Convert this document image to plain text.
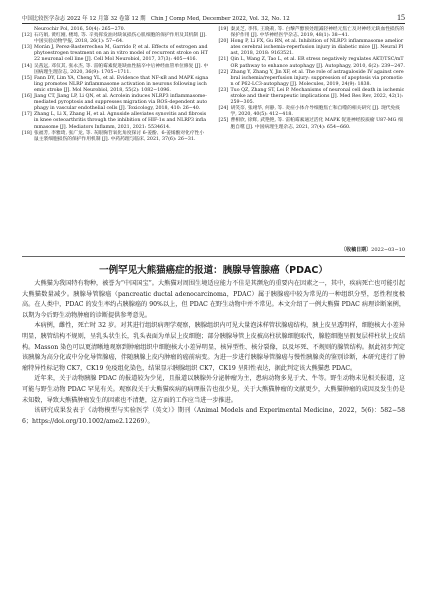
中国比较医学杂志 2022 年 12 月第 32 卷第 12 期　Chin J Comp Med, December 2022, Vol. 32, No. 12	15

Neurochir Pol, 2016, 50(4): 265−270.

[12] 石巧娟, 黄红刚, 楼琦, 等. 辛夷挥发油对缺氧损伤心肌细胞的保护作用及其机制 [J]. 中国实验动物学报, 2018, 26(1): 57−64.

[13] Morán J, Perez-Basterrechea M, Garrido P, et al. Effects of estrogen and phytoestrogen treatment on an in vitro model of recurrent stroke on HT22 neuronal cell line [J]. Cell Mol Neurobiol, 2017, 37(3): 405−416.

[14] 吴茜远, 邓仅其, 张永杰, 等. 雷帕霉素促进缺血性脑卒中后神经血管单位修复 [J]. 中国病理生理杂志, 2020, 36(9): 1705−1711.

[15] Fann DY, Lim YA, Cheng YL, et al. Evidence that NF-κB and MAPK signaling promotes NLRP inflammasome activation in neurons following ischemic stroke [J]. Mol Neurobiol, 2018, 55(2): 1082−1096.

[16] Jiang CT, Jiang LP, Li QN, et al. Acrolein induces NLRP3 inflammasome-mediated pyroptosis and suppresses migration via ROS-dependent autophagy in vascular endothelial cells [J]. Toxicology, 2018, 410: 26−40.

[17] Zhang L, Li X, Zhang H, et al. Agnuside alleviates synovitis and fibrosis in knee osteoarthritis through the inhibition of HIF-1α and NLRP3 inflammasome [J]. Mediators Inflamm, 2021, 2021: 5534614.

[18] 张福芳, 李雅琦, 张广龙, 等. 灰眼胸苷氧化角度探讨 6-姜酚、6-姜烯酚对化疗性小鼠主浆细胞损伤的保护作用机制 [J]. 中药药理与临床, 2021, 37(6): 26−31.

[19] 秦灵芝, 李伟, 王晓莉, 等. 白藜芦醇预处理减轻神经元焦亡及对神经元缺血性损伤的保护作用 [J]. 中华神经医学杂志, 2019, 48(1): 38−41.

[20] Hong P, Li FX, Gu RN, et al. Inhibition of NLRP3 inflammasome ameliorates cerebral ischemia-reperfusion injury in diabetic mice [J]. Neural Plast, 2018, 2018: 9163521.

[21] Qin L, Wang Z, Tao L, et al. ER stress negatively regulates AKT/TSC/mTOR pathway to enhance autophagy [J]. Autophagy, 2010, 6(2): 239−247.

[22] Zhang Y, Zhang Y, Jin XF, et al. The role of astragaloside IV against cerebral ischemia/reperfusion injury: suppression of apoptosis via promotion of P62-LC3-autophagy [J]. Molecules, 2019, 24(9): 1838.

[23] Tuo QZ, Zhang ST, Lei P. Mechanisms of neuronal cell death in ischemic stroke and their therapeutic implications [J]. Med Res Rev, 2022, 42(1): 259−305.

[24] 胡笑奈, 张翊华, 何静, 等. 炎症小体介导细胞焦亡和自噬的相关研究 [J]. 现代免疫学, 2020, 40(5): 412−418.

[25] 曹相欣, 徐辉, 武艳艳, 等. 雷帕霉素通过活化 MAPK 促进神经胶质瘤 U87-MG 细胞自噬 [J]. 中国病理生理杂志, 2021, 37(4): 654−660.

〔收稿日期〕2022−03−10
一例罕见大熊猫癌症的报道：胰腺导管腺癌（PDAC）

大熊猫为我国特有物种，被誉为“中国国宝”。大熊猫对周围生境适应能力不佳是其濒危的重要内在因素之一，其中，疾病死亡也可能引起大熊猫数量减少。胰腺导管腺癌（pancreatic ductal adenocarcinoma，PDAC）属于胰腺癌中较为常见的一种组织分型，恶性程度极高。在人类中，PDAC 的发生率约占胰腺癌的 90%以上，但 PDAC 在野生动物中并不常见。本文介绍了一例大熊猫 PDAC 病理诊断案例，以期为今后野生动物肿瘤的诊断提供参考意见。

本病例，雌性，死亡时 32 岁。对其进行组织病理学观察，胰腺组织内可见大量泡沫样管状腺癌结构，胰上皮呈透明样，细胞核大小差异明显，胰管结构不规则，呈乳头状生长，乳头表面为单层上皮细胞；部分胰腺导管上皮被高柱状腺细胞取代，腺腔细胞呈假复层样柱状上皮结构。Masson 染色可以更清晰地观察到肿瘤组织中细胞核大小差异明显，核异型性、核分裂像，以及坏死、不规则的腺管结构。据此初步判定该胰腺为高分化或中分化导管腺癌，伴随胰腺上皮内肿瘤的癌前病变。为进一步进行胰腺导管腺癌与慢性胰腺炎的鉴别诊断，本研究进行了肿瘤特异性标记物 CK7，CK19 免疫组化染色，结果显示胰腺组织 CK7，CK19 呈阳性表达，据此判定该大熊猫患 PDAC。

近年来，关于动物胰腺 PDAC 的报道较为少见，且报道以胰腺外分泌肿瘤为主，患病动物多见于犬、牛等。野生动物未见相关报道，这可能与野生动物 PDAC 罕见有关。观察段关于大熊猫疾病的病理报告也很少见，关于大熊猫肿瘤的文献更少，大熊猫肿瘤的成因及发生仍是未知数，导致大熊猫肿瘤发生的因素也不清楚，这方面的工作应当进一步推进。

该研究成果发表于《动物模型与实验医学（英文）》期刊（Animal Models and Experimental Medicine，2022，5(6)：582−586；https://doi.org/10.1002/ame2.12269）。
